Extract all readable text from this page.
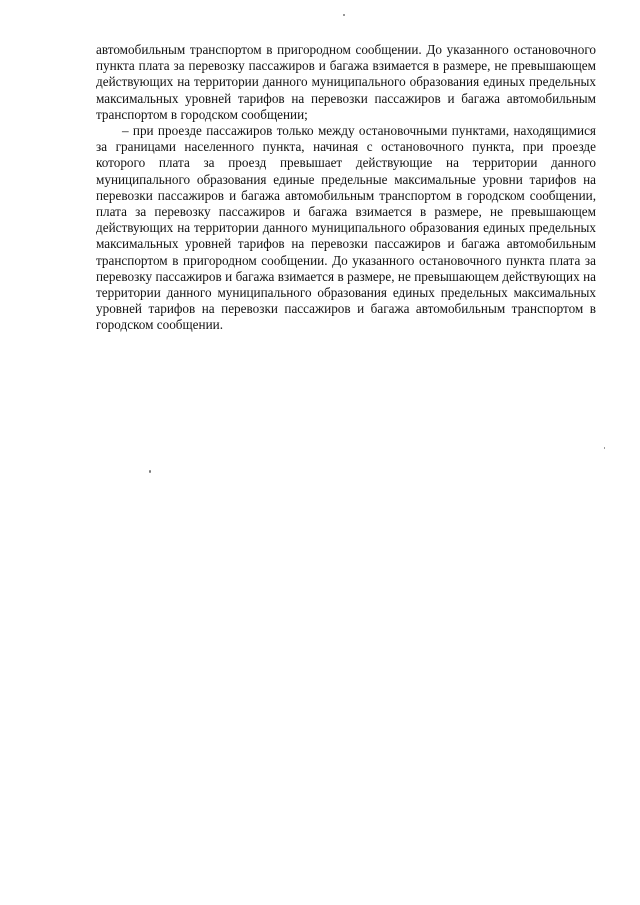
автомобильным транспортом в пригородном сообщении. До указанного остановочного пункта плата за перевозку пассажиров и багажа взимается в размере, не превышающем действующих на территории данного муниципального образования единых предельных максимальных уровней тарифов на перевозки пассажиров и багажа автомобильным транспортом в городском сообщении;

– при проезде пассажиров только между остановочными пунктами, находящимися за границами населенного пункта, начиная с остановочного пункта, при проезде которого плата за проезд превышает действующие на территории данного муниципального образования единые предельные максимальные уровни тарифов на перевозки пассажиров и багажа автомобильным транспортом в городском сообщении, плата за перевозку пассажиров и багажа взимается в размере, не превышающем действующих на территории данного муниципального образования единых предельных максимальных уровней тарифов на перевозки пассажиров и багажа автомобильным транспортом в пригородном сообщении. До указанного остановочного пункта плата за перевозку пассажиров и багажа взимается в размере, не превышающем действующих на территории данного муниципального образования единых предельных максимальных уровней тарифов на перевозки пассажиров и багажа автомобильным транспортом в городском сообщении.
